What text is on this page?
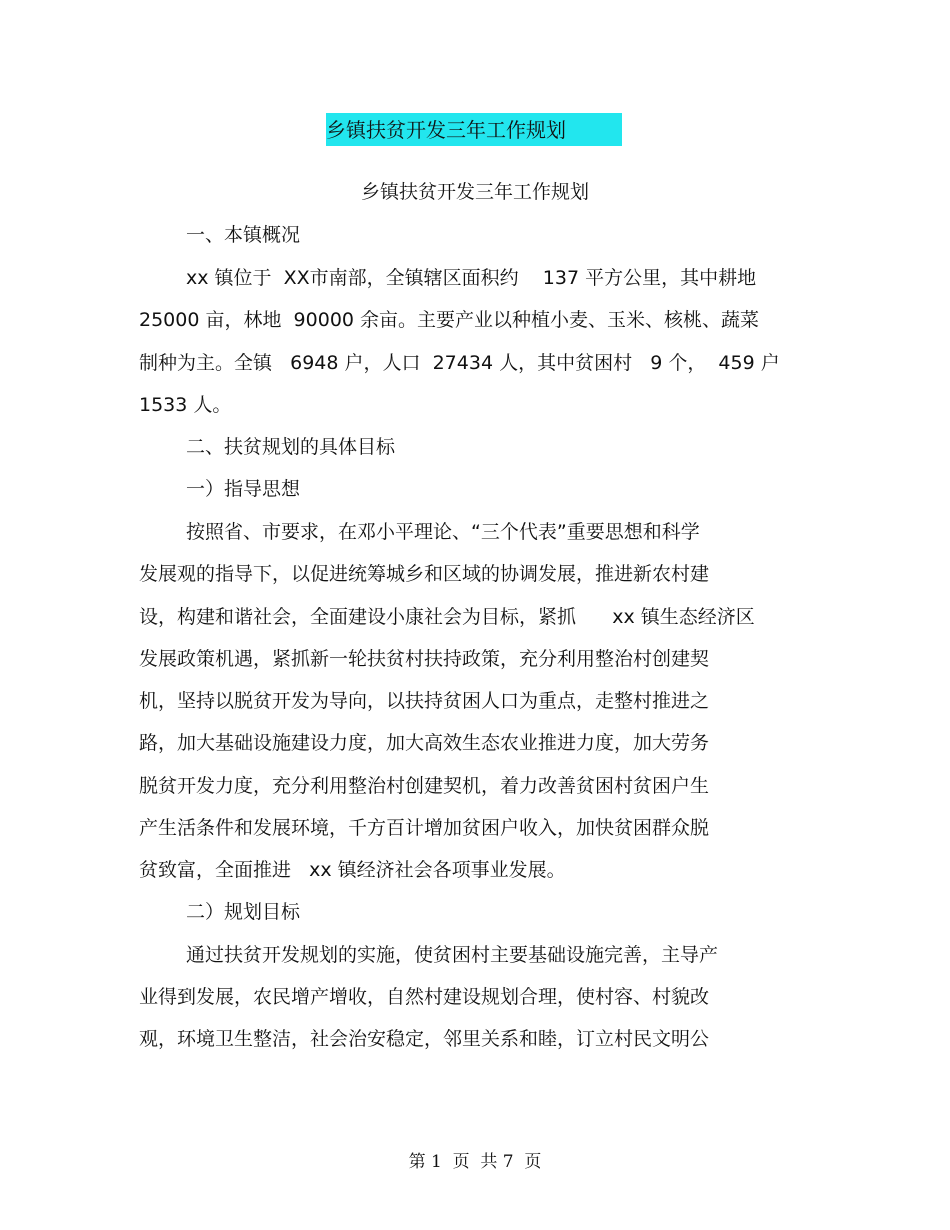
乡镇扶贫开发三年工作规划
乡镇扶贫开发三年工作规划
一、本镇概况
xx 镇位于  XX市南部，全镇辖区面积约    137 平方公里，其中耕地
25000 亩，林地  90000 余亩。主要产业以种植小麦、玉米、核桃、蔬菜
制种为主。全镇   6948 户，人口  27434 人，其中贫困村   9 个，  459 户
1533 人。
二、扶贫规划的具体目标
一）指导思想
按照省、市要求，在邓小平理论、“三个代表”重要思想和科学
发展观的指导下，以促进统筹城乡和区域的协调发展，推进新农村建
设，构建和谐社会，全面建设小康社会为目标，紧抓      xx 镇生态经济区
发展政策机遇，紧抓新一轮扶贫村扶持政策，充分利用整治村创建契
机，坚持以脱贫开发为导向，以扶持贫困人口为重点，走整村推进之
路，加大基础设施建设力度，加大高效生态农业推进力度，加大劳务
脱贫开发力度，充分利用整治村创建契机，着力改善贫困村贫困户生
产生活条件和发展环境，千方百计增加贫困户收入，加快贫困群众脱
贫致富，全面推进   xx 镇经济社会各项事业发展。
二）规划目标
通过扶贫开发规划的实施，使贫困村主要基础设施完善，主导产
业得到发展，农民增产增收，自然村建设规划合理，使村容、村貌改
观，环境卫生整洁，社会治安稳定，邻里关系和睦，订立村民文明公
第 1  页  共 7  页
